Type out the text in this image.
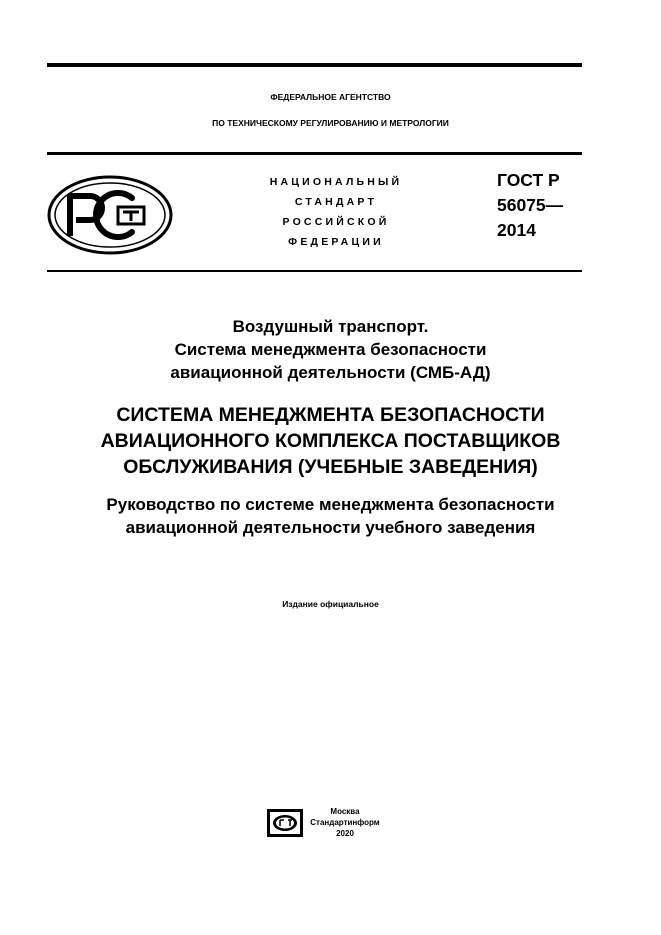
ФЕДЕРАЛЬНОЕ АГЕНТСТВО
ПО ТЕХНИЧЕСКОМУ РЕГУЛИРОВАНИЮ И МЕТРОЛОГИИ
НАЦИОНАЛЬНЫЙ
СТАНДАРТ
РОССИЙСКОЙ
ФЕДЕРАЦИИ
ГОСТ Р
56075—
2014
Воздушный транспорт.
Система менеджмента безопасности
авиационной деятельности (СМБ-АД)
СИСТЕМА МЕНЕДЖМЕНТА БЕЗОПАСНОСТИ
АВИАЦИОННОГО КОМПЛЕКСА ПОСТАВЩИКОВ
ОБСЛУЖИВАНИЯ (УЧЕБНЫЕ ЗАВЕДЕНИЯ)
Руководство по системе менеджмента безопасности
авиационной деятельности учебного заведения
Издание официальное
Москва
Стандартинформ
2020
